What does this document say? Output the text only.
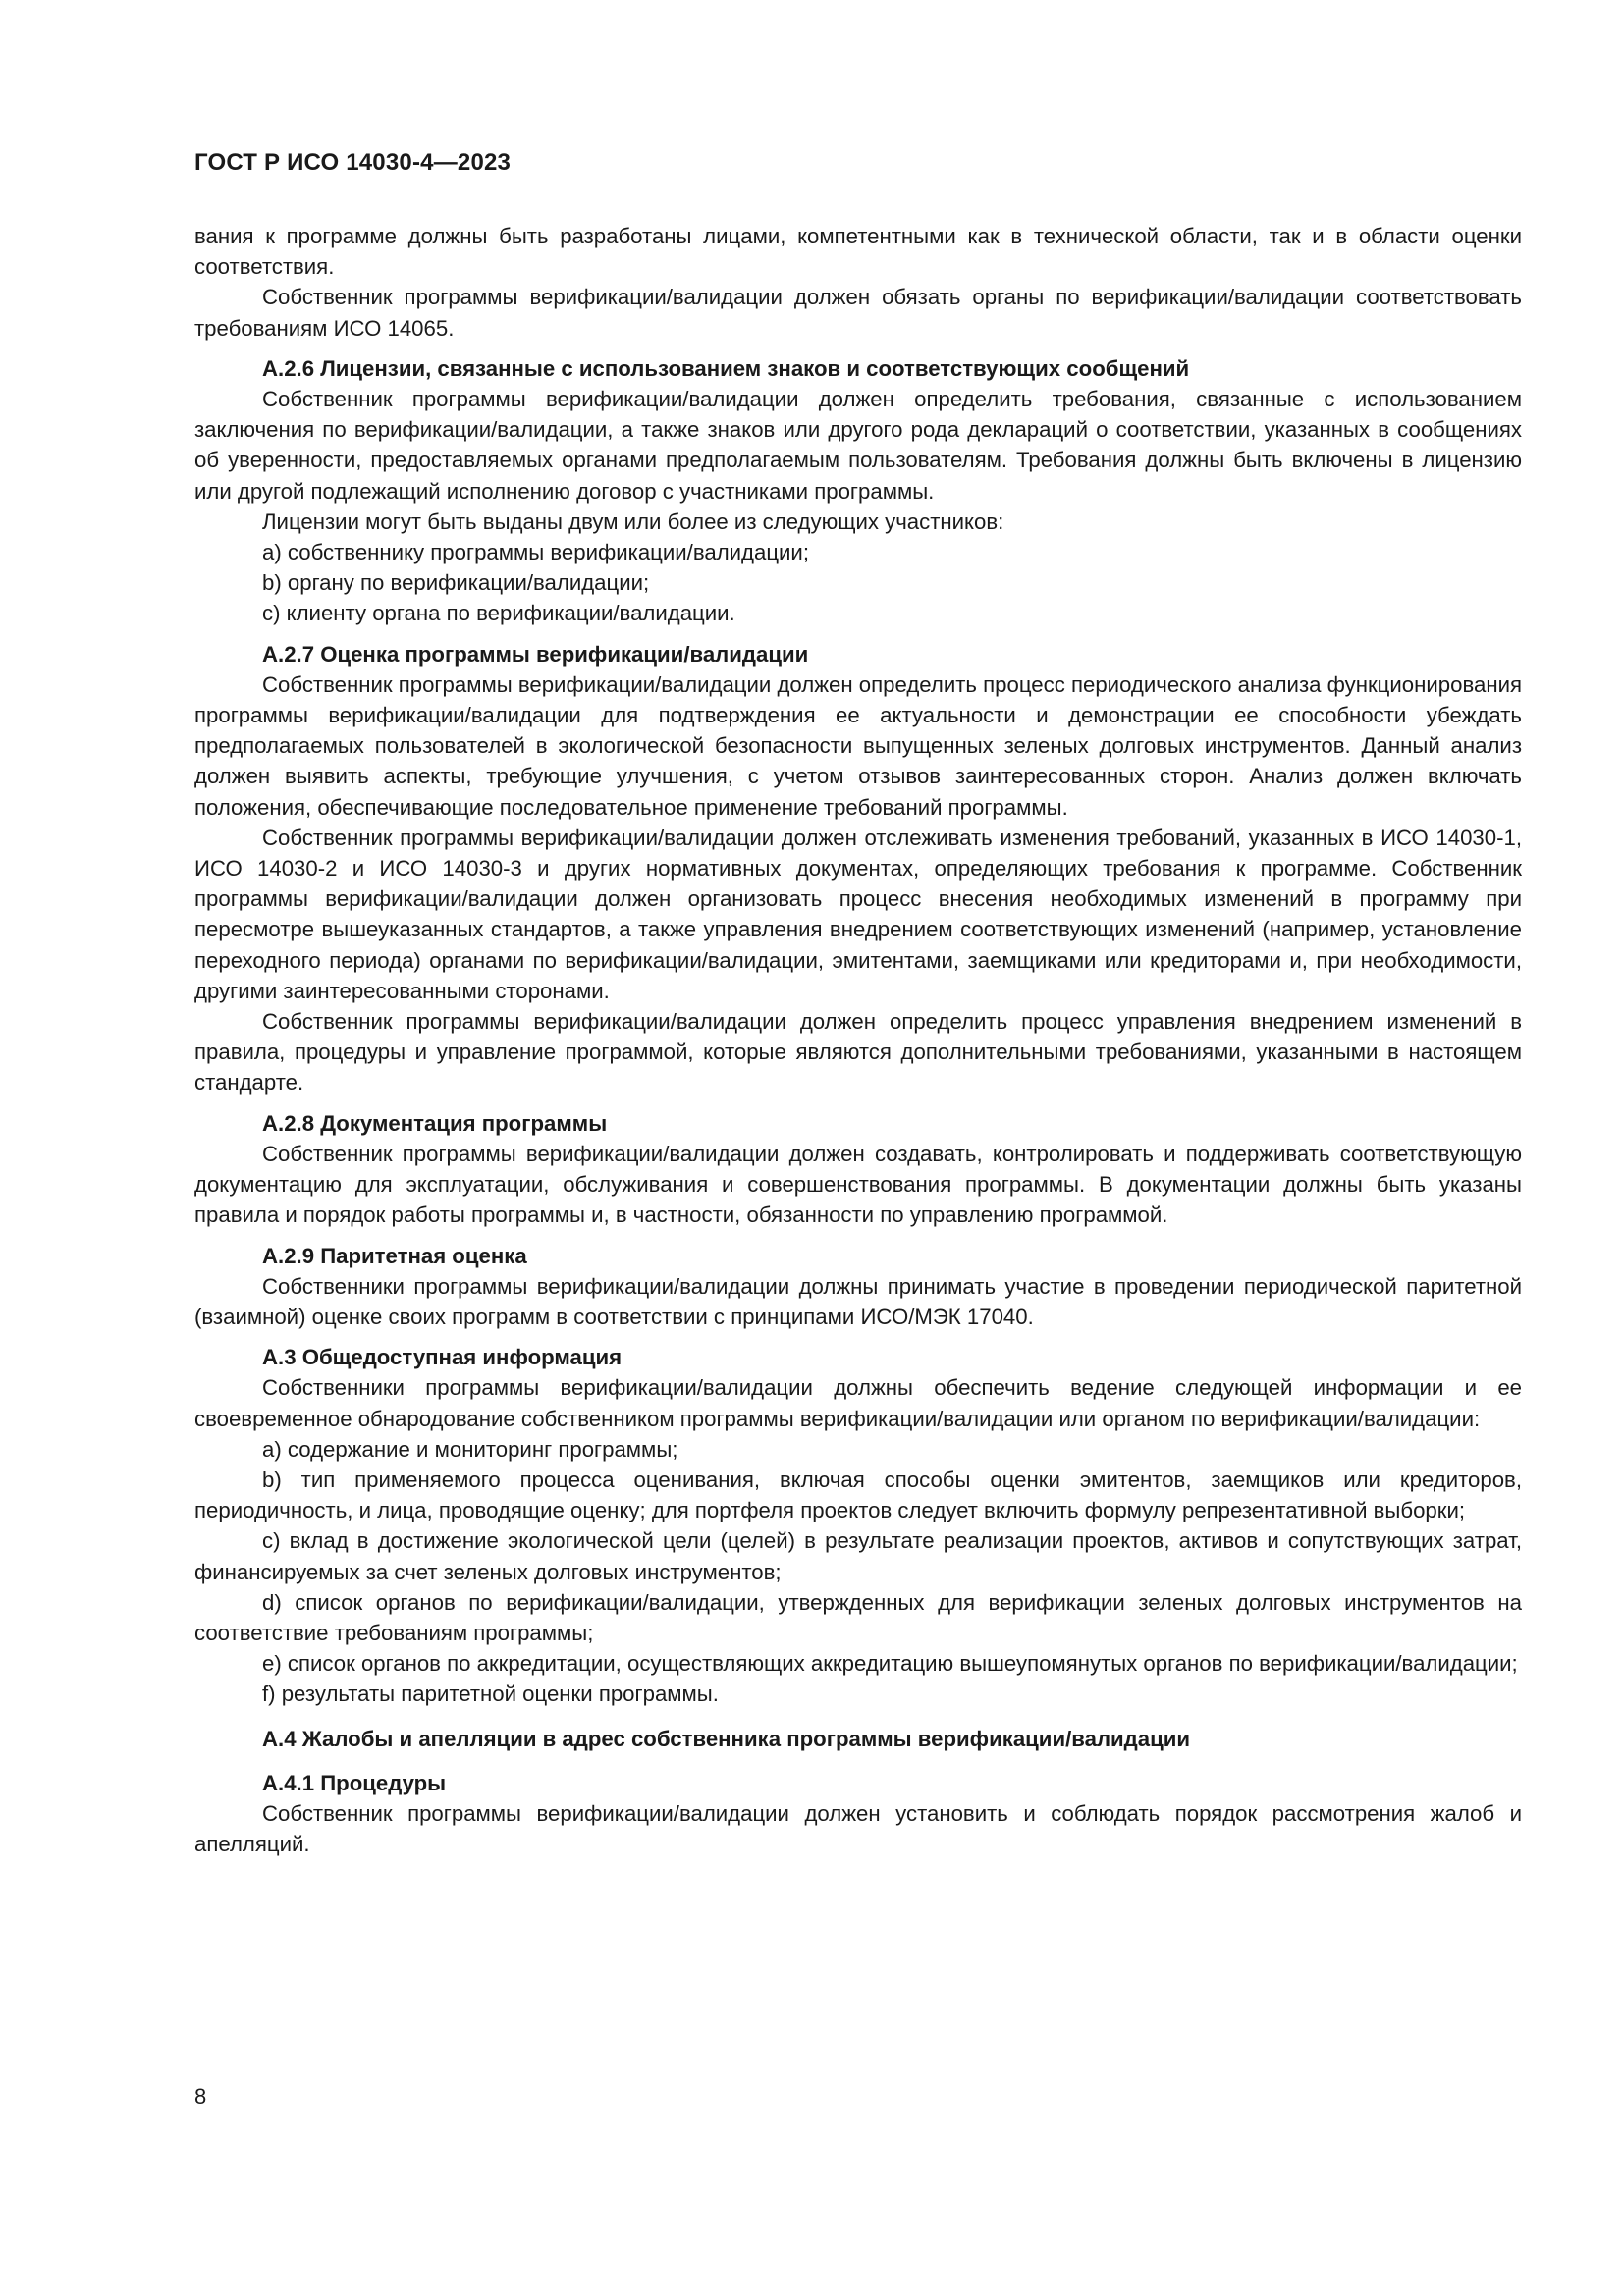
ГОСТ Р ИСО 14030-4—2023

вания к программе должны быть разработаны лицами, компетентными как в технической области, так и в области оценки соответствия.

Собственник программы верификации/валидации должен обязать органы по верификации/валидации соответствовать требованиям ИСО 14065.

А.2.6 Лицензии, связанные с использованием знаков и соответствующих сообщений

Собственник программы верификации/валидации должен определить требования, связанные с использованием заключения по верификации/валидации, а также знаков или другого рода деклараций о соответствии, указанных в сообщениях об уверенности, предоставляемых органами предполагаемым пользователям. Требования должны быть включены в лицензию или другой подлежащий исполнению договор с участниками программы.

Лицензии могут быть выданы двум или более из следующих участников:

a) собственнику программы верификации/валидации;

b) органу по верификации/валидации;

c) клиенту органа по верификации/валидации.

А.2.7 Оценка программы верификации/валидации

Собственник программы верификации/валидации должен определить процесс периодического анализа функционирования программы верификации/валидации для подтверждения ее актуальности и демонстрации ее способности убеждать предполагаемых пользователей в экологической безопасности выпущенных зеленых долговых инструментов. Данный анализ должен выявить аспекты, требующие улучшения, с учетом отзывов заинтересованных сторон. Анализ должен включать положения, обеспечивающие последовательное применение требований программы.

Собственник программы верификации/валидации должен отслеживать изменения требований, указанных в ИСО 14030-1, ИСО 14030-2 и ИСО 14030-3 и других нормативных документах, определяющих требования к программе. Собственник программы верификации/валидации должен организовать процесс внесения необходимых изменений в программу при пересмотре вышеуказанных стандартов, а также управления внедрением соответствующих изменений (например, установление переходного периода) органами по верификации/валидации, эмитентами, заемщиками или кредиторами и, при необходимости, другими заинтересованными сторонами.

Собственник программы верификации/валидации должен определить процесс управления внедрением изменений в правила, процедуры и управление программой, которые являются дополнительными требованиями, указанными в настоящем стандарте.

А.2.8 Документация программы

Собственник программы верификации/валидации должен создавать, контролировать и поддерживать соответствующую документацию для эксплуатации, обслуживания и совершенствования программы. В документации должны быть указаны правила и порядок работы программы и, в частности, обязанности по управлению программой.

А.2.9 Паритетная оценка

Собственники программы верификации/валидации должны принимать участие в проведении периодической паритетной (взаимной) оценке своих программ в соответствии с принципами ИСО/МЭК 17040.

А.3 Общедоступная информация

Собственники программы верификации/валидации должны обеспечить ведение следующей информации и ее своевременное обнародование собственником программы верификации/валидации или органом по верификации/валидации:

a) содержание и мониторинг программы;

b) тип применяемого процесса оценивания, включая способы оценки эмитентов, заемщиков или кредиторов, периодичность, и лица, проводящие оценку; для портфеля проектов следует включить формулу репрезентативной выборки;

c) вклад в достижение экологической цели (целей) в результате реализации проектов, активов и сопутствующих затрат, финансируемых за счет зеленых долговых инструментов;

d) список органов по верификации/валидации, утвержденных для верификации зеленых долговых инструментов на соответствие требованиям программы;

e) список органов по аккредитации, осуществляющих аккредитацию вышеупомянутых органов по верификации/валидации;

f) результаты паритетной оценки программы.

А.4 Жалобы и апелляции в адрес собственника программы верификации/валидации

А.4.1 Процедуры

Собственник программы верификации/валидации должен установить и соблюдать порядок рассмотрения жалоб и апелляций.

8
